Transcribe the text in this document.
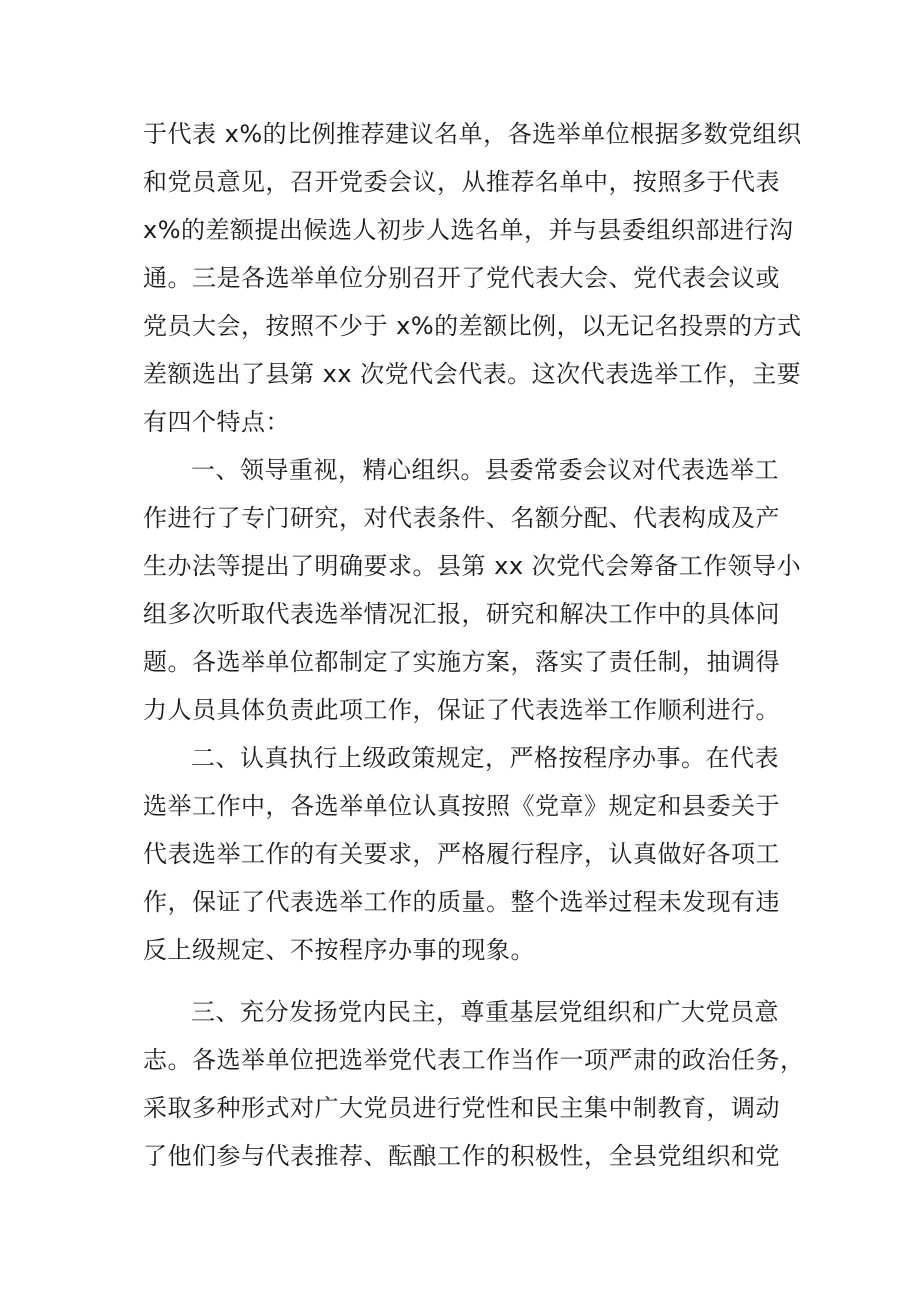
于代表 x%的比例推荐建议名单，各选举单位根据多数党组织
和党员意见，召开党委会议，从推荐名单中，按照多于代表
x%的差额提出候选人初步人选名单，并与县委组织部进行沟
通。三是各选举单位分别召开了党代表大会、党代表会议或
党员大会，按照不少于 x%的差额比例，以无记名投票的方式
差额选出了县第 xx 次党代会代表。这次代表选举工作，主要
有四个特点：
一、领导重视，精心组织。县委常委会议对代表选举工
作进行了专门研究，对代表条件、名额分配、代表构成及产
生办法等提出了明确要求。县第 xx 次党代会筹备工作领导小
组多次听取代表选举情况汇报，研究和解决工作中的具体问
题。各选举单位都制定了实施方案，落实了责任制，抽调得
力人员具体负责此项工作，保证了代表选举工作顺利进行。
二、认真执行上级政策规定，严格按程序办事。在代表
选举工作中，各选举单位认真按照《党章》规定和县委关于
代表选举工作的有关要求，严格履行程序，认真做好各项工
作，保证了代表选举工作的质量。整个选举过程未发现有违
反上级规定、不按程序办事的现象。
三、充分发扬党内民主，尊重基层党组织和广大党员意
志。各选举单位把选举党代表工作当作一项严肃的政治任务，
采取多种形式对广大党员进行党性和民主集中制教育，调动
了他们参与代表推荐、酝酿工作的积极性，全县党组织和党
